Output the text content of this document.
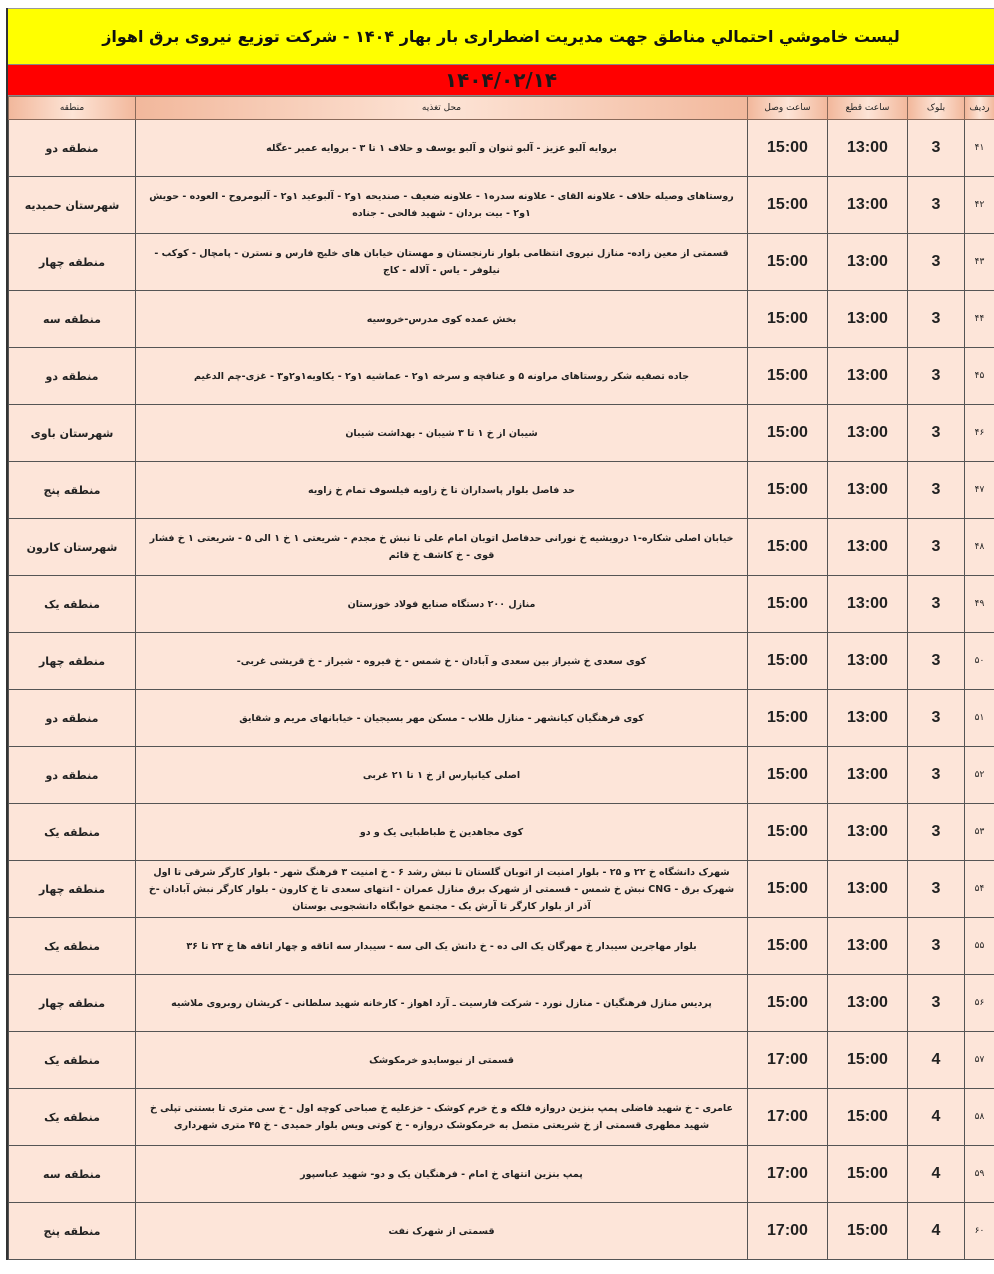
لیست خاموشي احتمالي مناطق جهت مدیریت اضطراری بار بهار ۱۴۰۴ - شرکت توزیع نیروی برق اهواز
۱۴۰۴/۰۲/۱۴
ردیف	بلوک	ساعت قطع	ساعت وصل	محل تغذیه	منطقه
۴۱	3	13:00	15:00	بروایه آلبو عزیز - آلبو ثنوان و آلبو یوسف و حلاف ۱ تا ۳ - بروایه عمیر -عگله	منطقه دو
۴۲	3	13:00	15:00	روستاهای وصیله حلاف - علاونه القای - علاونه سدره۱ - علاونه ضعیف - صندیحه ۱و۲ - آلبوعید ۱و۲ - آلبومروح - العوده - حویش ۱و۲ - بیت بردان - شهید فالحی - جناده	شهرستان حمیدیه
۴۳	3	13:00	15:00	قسمتی از معین زاده- منازل نیروی انتظامی بلوار نارنجستان و مهستان خیابان های خلیج فارس و نسترن - پامچال - کوکب - نیلوفر - یاس - آلاله - کاج	منطقه چهار
۴۴	3	13:00	15:00	بخش عمده کوی مدرس-خروسیه	منطقه سه
۴۵	3	13:00	15:00	جاده تصفیه شکر روستاهای مراونه ۵ و عنافچه و سرخه ۱و۲ - عماشیه ۱و۲ - یکاویه۱و۲و۳ - غزی-چم الدغیم	منطقه دو
۴۶	3	13:00	15:00	شیبان از خ ۱ تا ۳ شیبان - بهداشت شیبان	شهرستان باوی
۴۷	3	13:00	15:00	حد فاصل بلوار پاسداران تا خ زاویه فیلسوف تمام خ زاویه	منطقه پنج
۴۸	3	13:00	15:00	خیابان اصلی شکاره-۱ درویشیه خ نورانی حدفاصل اتوبان امام علی تا نبش خ مجدم - شریعتی ۱ خ ۱ الی ۵ - شریعتی ۱ خ فشار قوی - خ کاشف خ قائم	شهرستان کارون
۴۹	3	13:00	15:00	منازل ۲۰۰ دستگاه صنایع فولاد خوزستان	منطقه یک
۵۰	3	13:00	15:00	کوی سعدی خ شیراز بین سعدی و آبادان - خ شمس - خ فیروه - شیراز - خ قریشی غربی-	منطقه چهار
۵۱	3	13:00	15:00	کوی فرهنگیان کیانشهر - منازل طلاب - مسکن مهر بسیجیان - خیابانهای مریم و شقایق	منطقه دو
۵۲	3	13:00	15:00	اصلی کیانپارس از خ ۱ تا ۲۱ غربی	منطقه دو
۵۳	3	13:00	15:00	کوی مجاهدین خ طباطبایی یک و دو	منطقه یک
۵۴	3	13:00	15:00	شهرک دانشگاه خ ۲۲ و ۲۵ - بلوار امنیت از اتوبان گلستان تا نبش رشد ۶ - خ امنیت ۳ فرهنگ شهر - بلوار کارگر شرقی تا اول شهرک برق - CNG نبش خ شمس - قسمتی از شهرک برق منازل عمران - انتهای سعدی تا خ کارون - بلوار کارگر نبش آبادان -خ آذر از بلوار کارگر تا آرش یک - مجتمع خوابگاه دانشجویی بوستان	منطقه چهار
۵۵	3	13:00	15:00	بلوار مهاجرین سیبدار خ مهرگان یک الی ده - خ دانش یک الی سه - سیبدار سه اتاقه و چهار اتاقه ها خ ۲۳ تا ۳۶	منطقه یک
۵۶	3	13:00	15:00	پردیس منازل فرهنگیان - منازل نورد - شرکت فارسیت ـ آرد اهواز - کارخانه شهید سلطانی - کریشان روبروی ملاشیه	منطقه چهار
۵۷	4	15:00	17:00	قسمتی از نیوسایدو خرمکوشک	منطقه یک
۵۸	4	15:00	17:00	عامری - خ شهید فاضلی پمپ بنزین دروازه فلکه و خ خرم کوشک - خزعلیه خ صباحی کوچه اول - خ سی متری تا بستنی تپلی خ شهید مطهری قسمتی از خ شریعتی متصل به خرمکوشک دروازه - خ کوتی ویس بلوار حمیدی - خ ۴۵ متری شهرداری	منطقه یک
۵۹	4	15:00	17:00	پمپ بنزین انتهای خ امام - فرهنگیان یک و دو- شهید عباسپور	منطقه سه
۶۰	4	15:00	17:00	قسمتی از شهرک نفت	منطقه پنج
